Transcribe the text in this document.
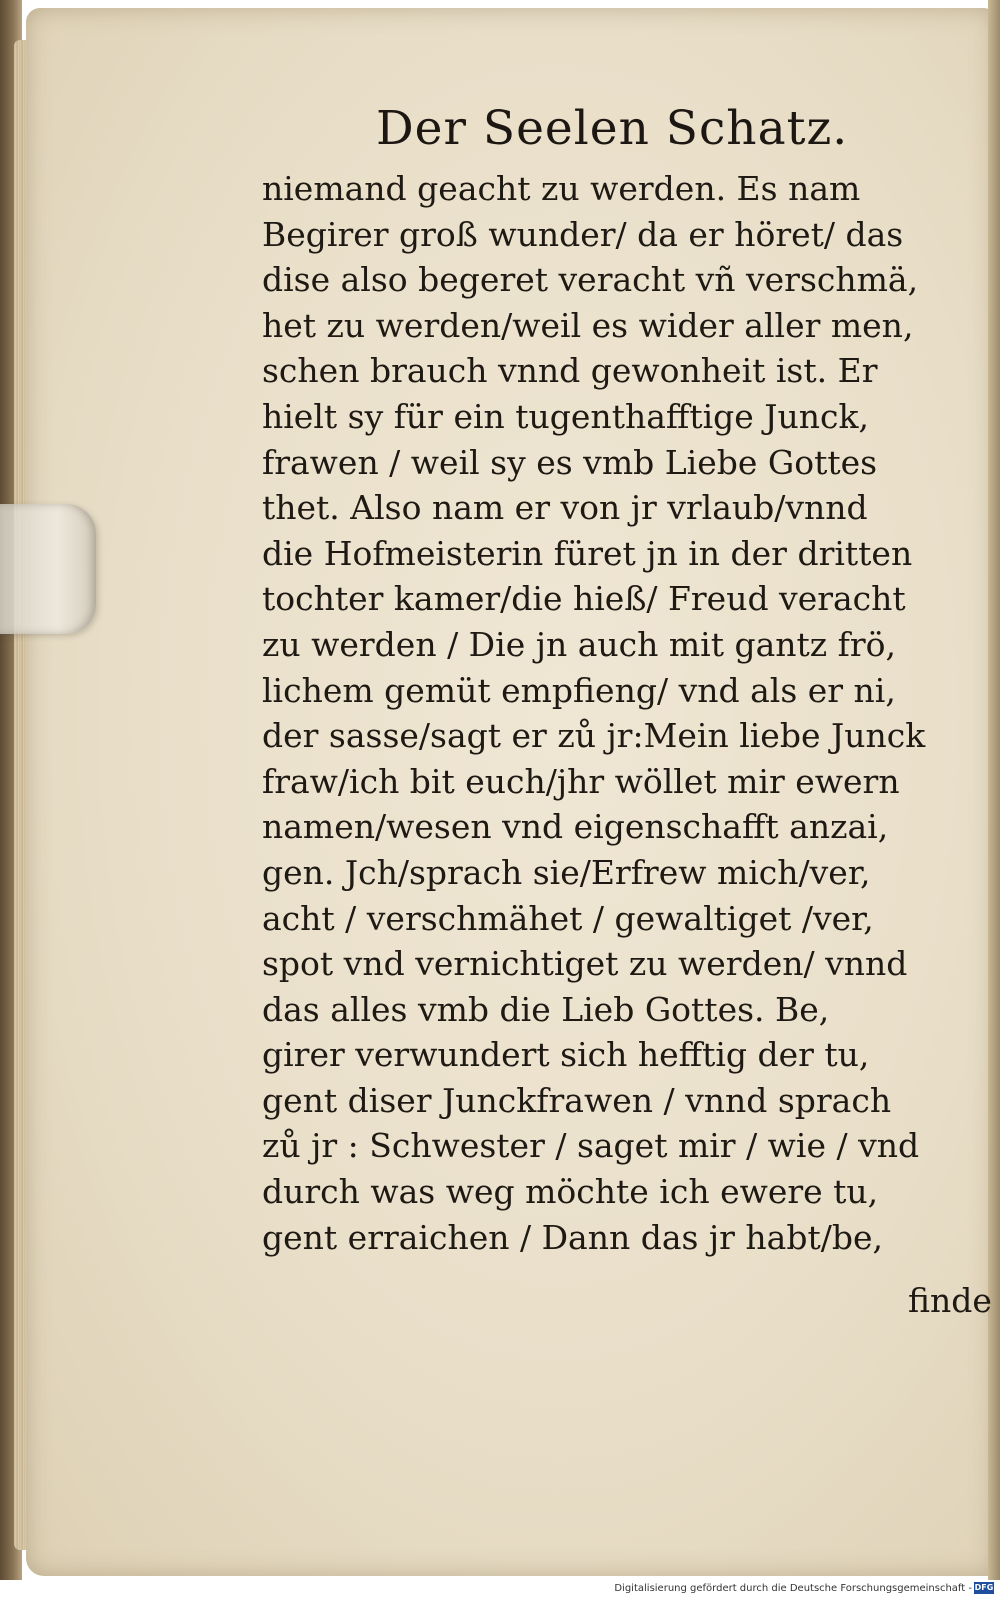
Der Seelen Schatz.
niemand geacht zu werden. Es nam
Begirer groß wunder/ da er höret/ das
dise also begeret veracht vñ verschmä,
het zu werden/weil es wider aller men,
schen brauch vnnd gewonheit ist. Er
hielt sy für ein tugenthafftige Junck,
frawen / weil sy es vmb Liebe Gottes
thet. Also nam er von jr vrlaub/vnnd
die Hofmeisterin füret jn in der dritten
tochter kamer/die hieß/ Freud veracht
zu werden / Die jn auch mit gantz frö,
lichem gemüt empfieng/ vnd als er ni,
der sasse/sagt er zů jr:Mein liebe Junck
fraw/ich bit euch/jhr wöllet mir ewern
namen/wesen vnd eigenschafft anzai,
gen. Jch/sprach sie/Erfrew mich/ver,
acht / verschmähet / gewaltiget /ver,
spot vnd vernichtiget zu werden/ vnnd
das alles vmb die Lieb Gottes. Be,
girer verwundert sich hefftig der tu,
gent diser Junckfrawen / vnnd sprach
zů jr : Schwester / saget mir / wie / vnd
durch was weg möchte ich ewere tu,
gent erraichen / Dann das jr habt/be,
finde
Digitalisierung gefördert durch die Deutsche Forschungsgemeinschaft - DFG
